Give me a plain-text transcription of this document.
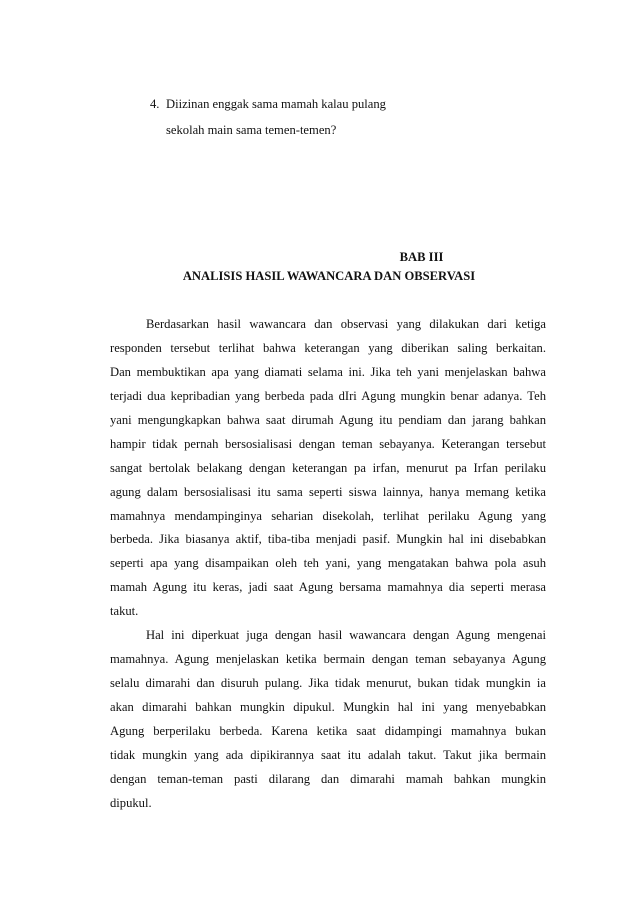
4. Diizinan enggak sama mamah kalau pulang
sekolah main sama temen-temen?
BAB III
ANALISIS HASIL WAWANCARA DAN OBSERVASI
Berdasarkan hasil wawancara dan observasi yang dilakukan dari ketiga
responden tersebut terlihat bahwa keterangan yang diberikan saling berkaitan.
Dan membuktikan apa yang diamati selama ini. Jika teh yani menjelaskan bahwa
terjadi dua kepribadian yang berbeda pada dIri Agung mungkin benar adanya. Teh
yani mengungkapkan bahwa saat dirumah Agung itu pendiam dan jarang bahkan
hampir tidak pernah bersosialisasi dengan teman sebayanya. Keterangan tersebut
sangat bertolak belakang dengan keterangan pa irfan, menurut pa Irfan perilaku
agung dalam bersosialisasi itu sama seperti siswa lainnya, hanya memang ketika
mamahnya mendampinginya seharian disekolah, terlihat perilaku Agung yang
berbeda. Jika biasanya aktif, tiba-tiba menjadi pasif. Mungkin hal ini disebabkan
seperti apa yang disampaikan oleh teh yani, yang mengatakan bahwa pola asuh
mamah Agung itu keras, jadi saat Agung bersama mamahnya dia seperti merasa
takut.
Hal ini diperkuat juga dengan hasil wawancara dengan Agung mengenai
mamahnya. Agung menjelaskan ketika bermain dengan teman sebayanya Agung
selalu dimarahi dan disuruh pulang. Jika tidak menurut, bukan tidak mungkin ia
akan dimarahi bahkan mungkin dipukul. Mungkin hal ini yang menyebabkan
Agung berperilaku berbeda. Karena ketika saat didampingi mamahnya bukan
tidak mungkin yang ada dipikirannya saat itu adalah takut. Takut jika bermain
dengan teman-teman pasti dilarang dan dimarahi mamah bahkan mungkin
dipukul.
